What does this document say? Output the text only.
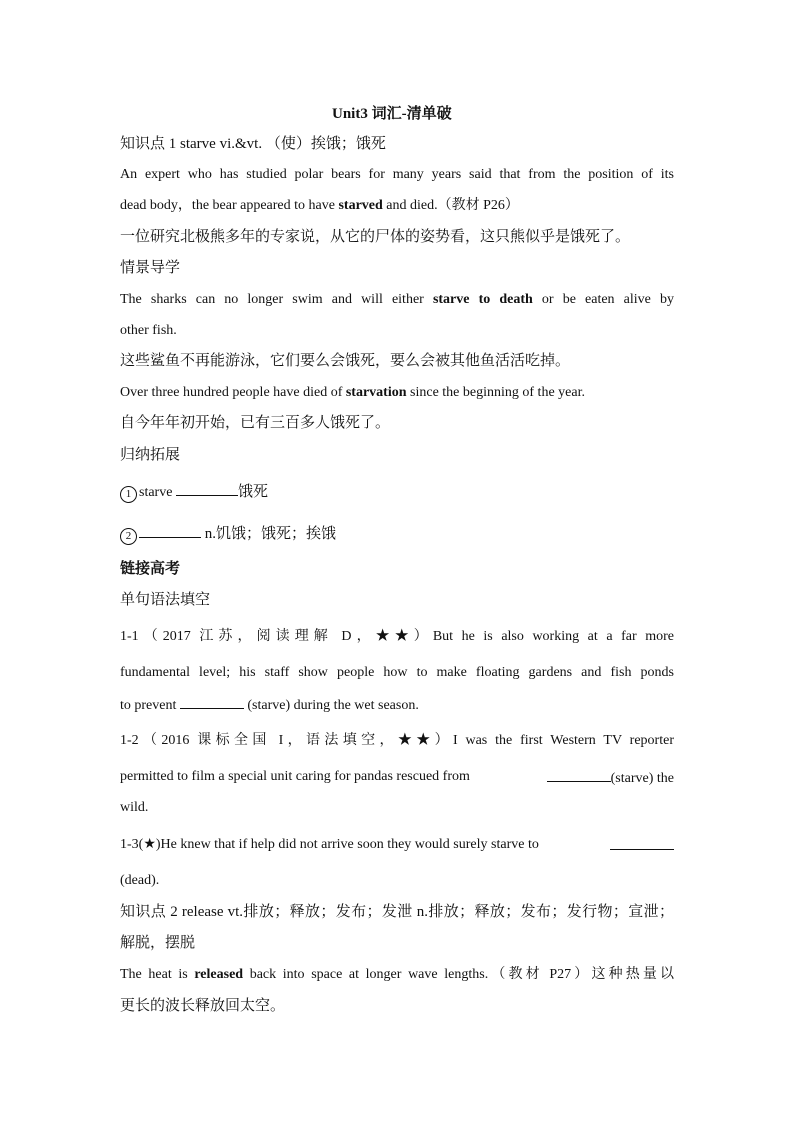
Unit3 词汇-清单破
知识点 1 starve vi.&vt. （使）挨饿；饿死
An expert who has studied polar bears for many years said that from the position of its
dead body，the bear appeared to have starved and died.（教材 P26）
一位研究北极熊多年的专家说，从它的尸体的姿势看，这只熊似乎是饿死了。
情景导学
The sharks can no longer swim and will either starve to death or be eaten alive by
other fish.
这些鲨鱼不再能游泳，它们要么会饿死，要么会被其他鱼活活吃掉。
Over three hundred people have died of starvation since the beginning of the year.
自今年年初开始，已有三百多人饿死了。
归纳拓展
1 starve	饿死
2	n.饥饿；饿死；挨饿
链接高考
单句语法填空
1-1（2017 江苏，阅读理解 D，★★）But he is also working at a far more
fundamental level; his staff show people how to make floating gardens and fish ponds
to prevent	(starve) during the wet season.
1-2（2016 课标全国 I，语法填空，★★）I was the first Western TV reporter
permitted to film a special unit caring for pandas rescued from	(starve) the
wild.
1-3(★)He knew that if help did not arrive soon they would surely starve to
(dead).
知识点 2 release vt.排放；释放；发布；发泄 n.排放；释放；发布；发行物；宣泄；
解脱，摆脱
The heat is released back into space at longer wave lengths.（教材 P27）这种热量以
更长的波长释放回太空。
